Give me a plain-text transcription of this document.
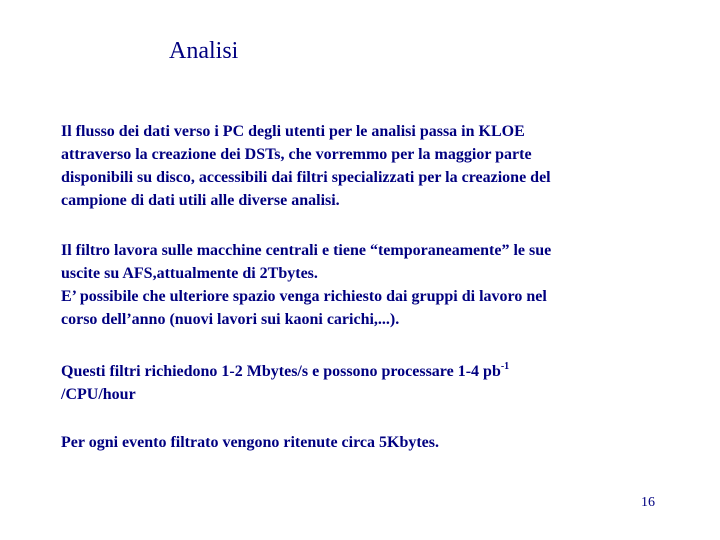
Analisi
Il flusso dei dati verso i PC degli utenti per le analisi passa in KLOE
attraverso la creazione dei DSTs, che vorremmo per la maggior parte
disponibili su disco, accessibili dai filtri specializzati per la creazione del
campione di dati utili alle diverse analisi.
Il filtro lavora sulle macchine centrali e tiene “temporaneamente” le sue
uscite su AFS,attualmente di 2Tbytes.
E’ possibile che ulteriore spazio venga richiesto dai gruppi di lavoro nel
corso dell’anno (nuovi lavori sui kaoni carichi,...).
Questi filtri richiedono 1-2 Mbytes/s e possono processare 1-4 $pb^{-1}$
/CPU/hour
Per ogni evento filtrato vengono ritenute circa 5Kbytes.
16
